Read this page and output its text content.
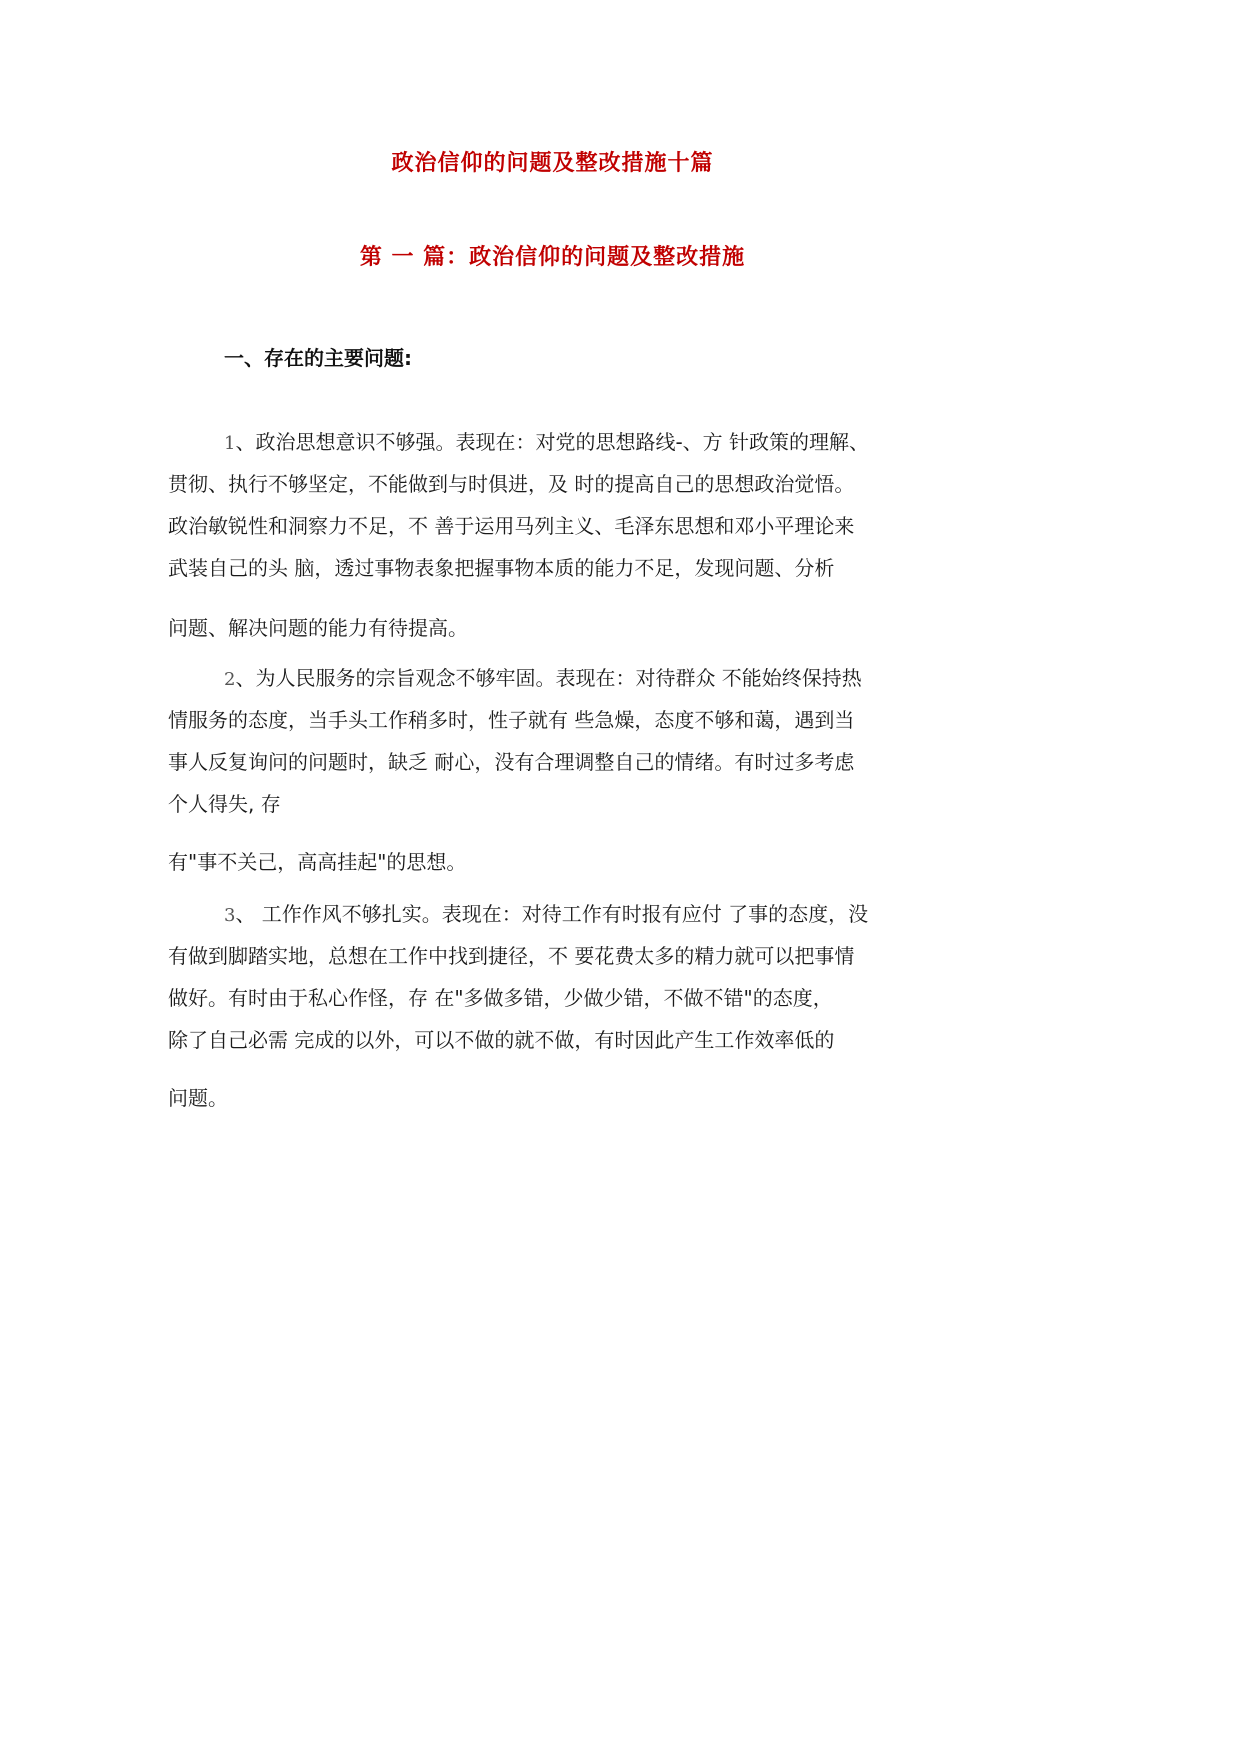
政治信仰的问题及整改措施十篇
第 一 篇：政治信仰的问题及整改措施
一、存在的主要问题:
1、政治思想意识不够强。表现在：对党的思想路线-、方 针政策的理解、
贯彻、执行不够坚定，不能做到与时俱进，及 时的提高自己的思想政治觉悟。
政治敏锐性和洞察力不足，不 善于运用马列主义、毛泽东思想和邓小平理论来
武装自己的头 脑，透过事物表象把握事物本质的能力不足，发现问题、分析
问题、解决问题的能力有待提高。
2、为人民服务的宗旨观念不够牢固。表现在：对待群众 不能始终保持热
情服务的态度，当手头工作稍多时，性子就有 些急燥，态度不够和蔼，遇到当
事人反复询问的问题时，缺乏 耐心，没有合理调整自己的情绪。有时过多考虑
个人得失, 存
有"事不关己，高高挂起"的思想。
3、 工作作风不够扎实。表现在：对待工作有时报有应付 了事的态度，没
有做到脚踏实地，总想在工作中找到捷径，不 要花费太多的精力就可以把事情
做好。有时由于私心作怪，存 在"多做多错，少做少错，不做不错"的态度，
除了自己必需 完成的以外，可以不做的就不做，有时因此产生工作效率低的
问题。
